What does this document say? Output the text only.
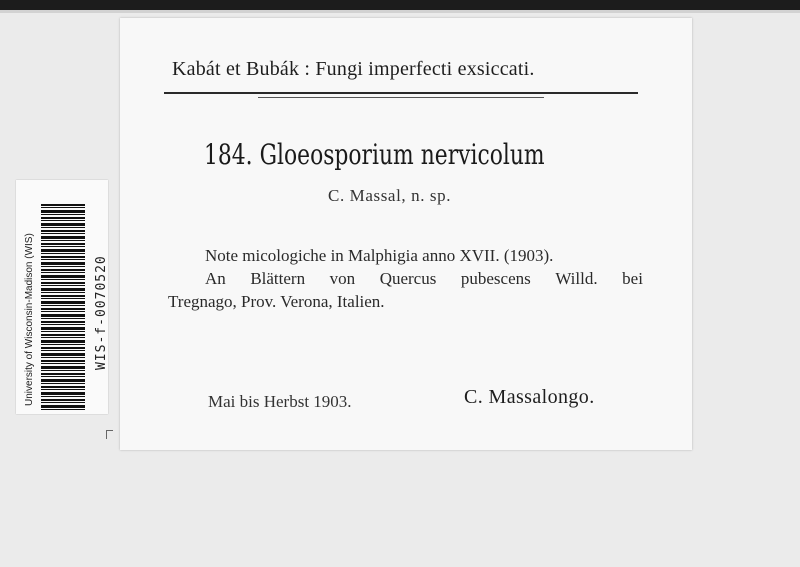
Kabát et Bubák : Fungi imperfecti exsiccati.
184. Gloeosporium nervicolum
C. Massal, n. sp.
Note micologiche in Malphigia anno XVII. (1903).
An Blättern von Quercus pubescens Willd. bei
Tregnago, Prov. Verona, Italien.
Mai bis Herbst 1903.	C. Massalongo.
University of Wisconsin-Madison (WIS)	WIS-f-0070520
